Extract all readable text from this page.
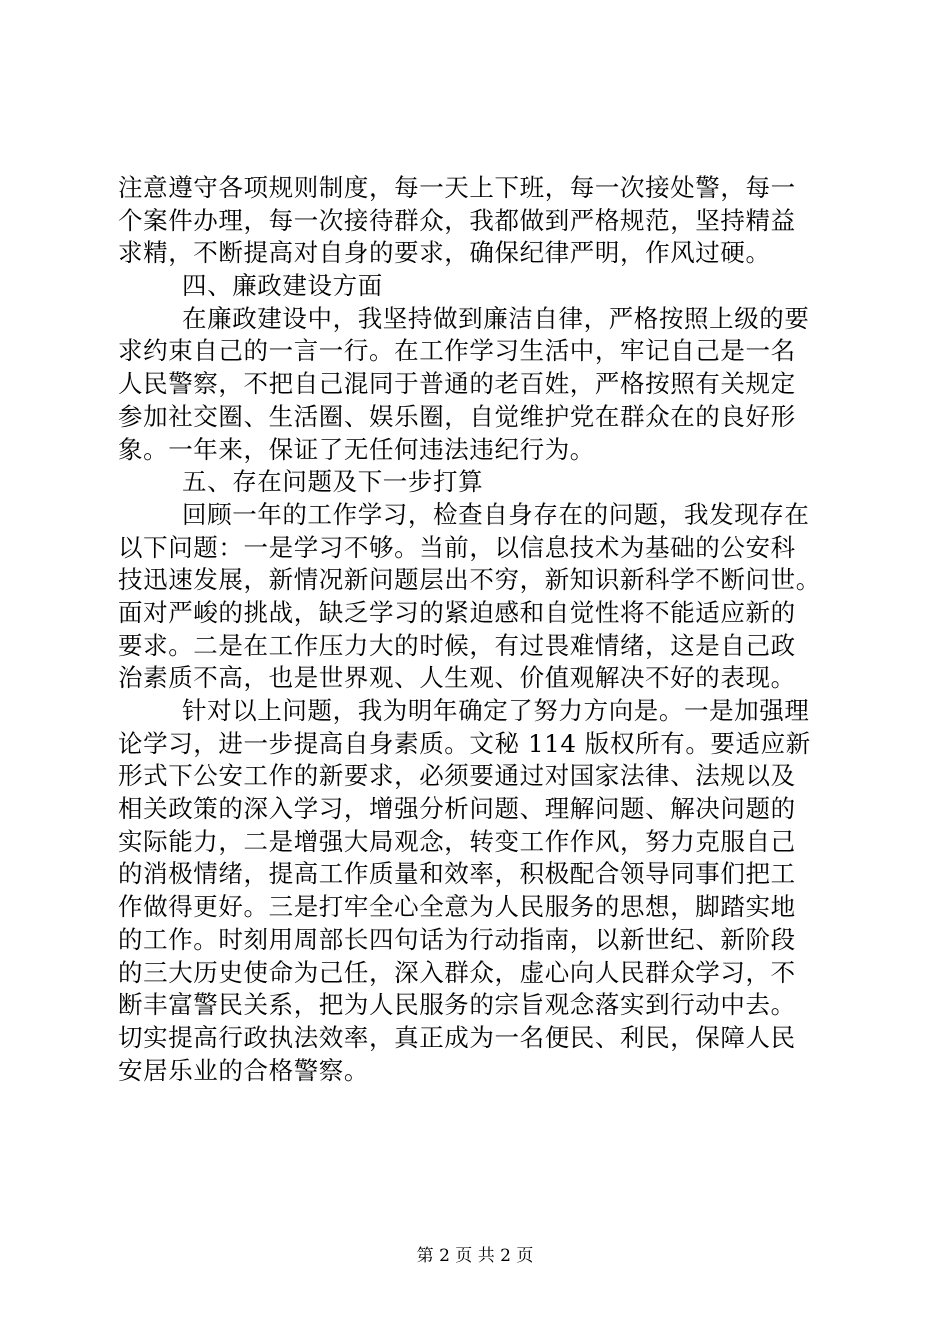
注意遵守各项规则制度，每一天上下班，每一次接处警，每一
个案件办理，每一次接待群众，我都做到严格规范，坚持精益
求精，不断提高对自身的要求，确保纪律严明，作风过硬。
四、廉政建设方面
在廉政建设中，我坚持做到廉洁自律，严格按照上级的要
求约束自己的一言一行。在工作学习生活中，牢记自己是一名
人民警察，不把自己混同于普通的老百姓，严格按照有关规定
参加社交圈、生活圈、娱乐圈，自觉维护党在群众在的良好形
象。一年来，保证了无任何违法违纪行为。
五、存在问题及下一步打算
回顾一年的工作学习，检查自身存在的问题，我发现存在
以下问题：一是学习不够。当前，以信息技术为基础的公安科
技迅速发展，新情况新问题层出不穷，新知识新科学不断问世。
面对严峻的挑战，缺乏学习的紧迫感和自觉性将不能适应新的
要求。二是在工作压力大的时候，有过畏难情绪，这是自己政
治素质不高，也是世界观、人生观、价值观解决不好的表现。
针对以上问题，我为明年确定了努力方向是。一是加强理
论学习，进一步提高自身素质。文秘 114 版权所有。要适应新
形式下公安工作的新要求，必须要通过对国家法律、法规以及
相关政策的深入学习，增强分析问题、理解问题、解决问题的
实际能力，二是增强大局观念，转变工作作风，努力克服自己
的消极情绪，提高工作质量和效率，积极配合领导同事们把工
作做得更好。三是打牢全心全意为人民服务的思想，脚踏实地
的工作。时刻用周部长四句话为行动指南，以新世纪、新阶段
的三大历史使命为己任，深入群众，虚心向人民群众学习，不
断丰富警民关系，把为人民服务的宗旨观念落实到行动中去。
切实提高行政执法效率，真正成为一名便民、利民，保障人民
安居乐业的合格警察。
第 2 页 共 2 页
